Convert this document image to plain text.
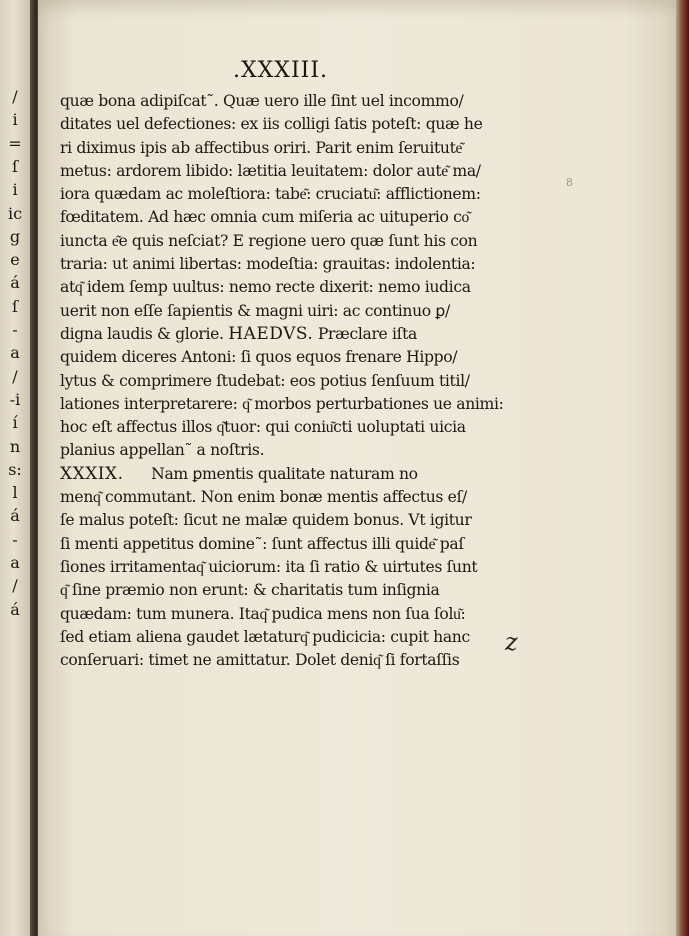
/
i
=
ſ
i
ic
g
e
á
ſ
-
a
/
-i
í
n
s:
l
á
-
a
/
á
.XXXIII.
8
quæ bona adipiſcat˜. Quæ uero ille ſint uel incommo/
ditates uel defectiones: ex iis colligi ſatis poteſt: quæ he
ri diximus ipis ab affectibus oriri. Parit enim ſeruitute͂
metus: ardorem libido: lætitia leuitatem: dolor aute͂ ma/
iora quædam ac moleſtiora: tabe͂: cruciatu͂: afflictionem:
fœditatem. Ad hæc omnia cum miſeria ac uituperio co͂
iuncta e͂e quis neſciat? E regione uero quæ ſunt his con
traria: ut animi libertas: modeſtia: grauitas: indolentia:
atq͂ idem ſemp uultus: nemo recte dixerit: nemo iudica
uerit non eſſe ſapientis & magni uiri: ac continuo ꝑ/
digna laudis & glorie. HAEDVS. Præclare iſta
quidem diceres Antoni: ſi quos equos frenare Hippo/
lytus & comprimere ſtudebat: eos potius ſenſuum titil/
lationes interpretarere: q͂ morbos perturbationes ue animi:
hoc eſt affectus illos q͂tuor: qui coniu͂cti uoluptati uicia
planius appellan˜ a noſtris.
XXXIX.      Nam ꝑmentis qualitate naturam no
menq͂ commutant. Non enim bonæ mentis affectus eſ/
ſe malus poteſt: ſicut ne malæ quidem bonus. Vt igitur
ſi menti appetitus domine˜: ſunt affectus illi quide͂ paſ
ſiones irritamentaq͂ uiciorum: ita ſi ratio & uirtutes ſunt
q͂ ſine præmio non erunt: & charitatis tum inſignia
quædam: tum munera. Itaq͂ pudica mens non ſua ſolu͂:
ſed etiam aliena gaudet lætaturq͂ pudicicia: cupit hanc
conſeruari: timet ne amittatur. Dolet deniq͂ ſi fortaſſis
z
